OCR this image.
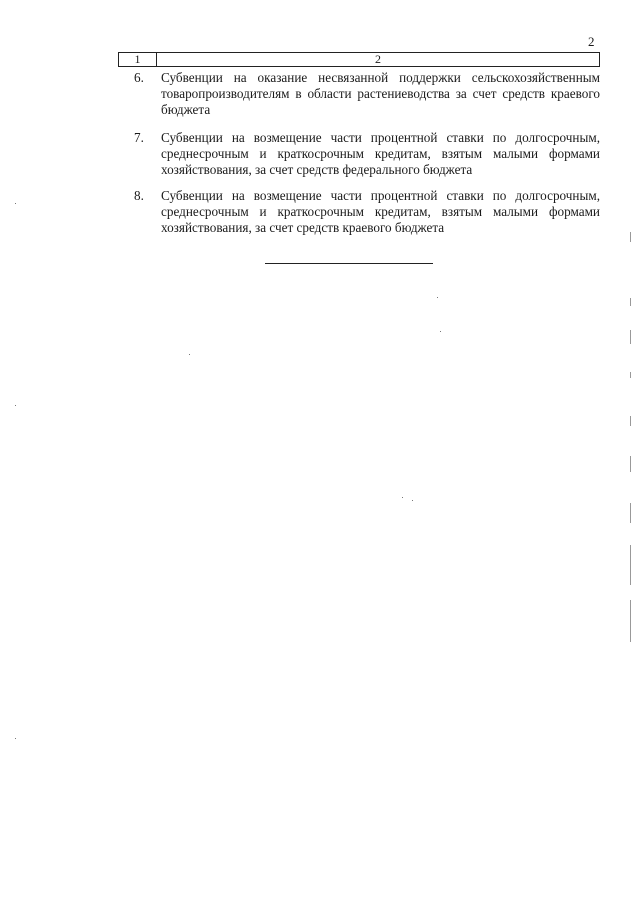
2
1	2
6. Субвенции на оказание несвязанной поддержки сельскохозяйственным товаропроизводителям в области растениеводства за счет средств краевого бюджета
7. Субвенции на возмещение части процентной ставки по долгосрочным, среднесрочным и краткосрочным кредитам, взятым малыми формами хозяйствования, за счет средств федерального бюджета
8. Субвенции на возмещение части процентной ставки по долгосрочным, среднесрочным и краткосрочным кредитам, взятым малыми формами хозяйствования, за счет средств краевого бюджета
